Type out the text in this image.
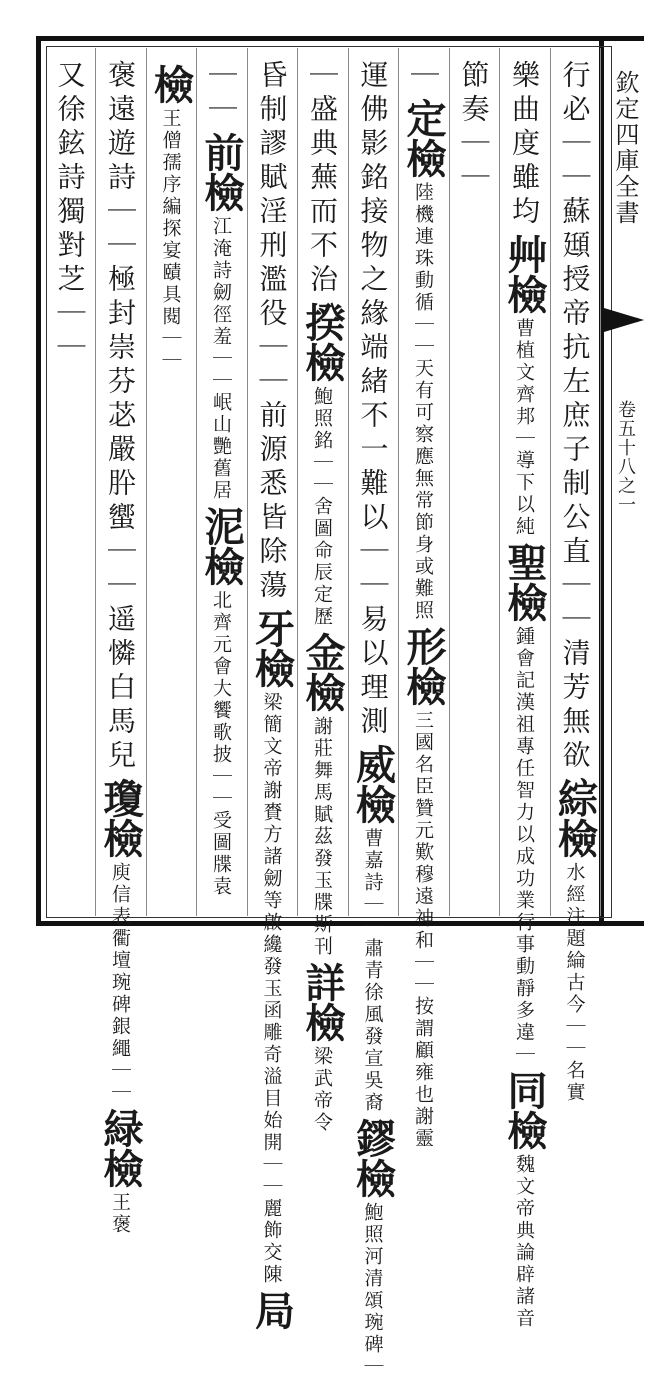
欽定四庫全書
卷五十八之一
行必｜｜蘇頲授帝抗左庶子制公直｜｜清芳無欲綜檢水經注題綸古今｜｜名實
樂曲度雖均艸檢曹植文齊邦｜導下以純聖檢鍾會記漢祖專任智力以成功業行事動靜多違｜同檢魏文帝典論辟諸音
節奏｜｜
｜定檢陸機連珠動循｜｜天有可察應無常節身或難照形檢三國名臣贊元歎穆遠神和｜｜按謂顧雍也謝靈
運佛影銘接物之緣端緒不一難以｜｜易以理測威檢曹嘉詩｜｜肅青徐風發宣吳裔鏐檢鮑照河清頌琬碑｜
｜盛典蕪而不治揆檢鮑照銘｜｜舍圖命辰定歷金檢謝莊舞馬賦茲發玉牒斯刊詳檢梁武帝令
昏制謬賦淫刑濫役｜｜前源悉皆除蕩牙檢梁簡文帝謝賚方諸劒等啟纔發玉函雕奇溢目始開｜｜麗飾交陳局
｜｜前檢江淹詩劒徑羞｜｜岷山艷舊居泥檢北齊元會大饗歌披｜｜受圖牒袁
檢王僧孺序編探宴賾具閱｜｜
褒遠遊詩｜｜極封崇芬苾嚴肸蠁｜｜遥憐白馬兒瓊檢庾信表衢壇琬碑銀繩｜｜緑檢王褒
又徐鉉詩獨對芝｜｜
